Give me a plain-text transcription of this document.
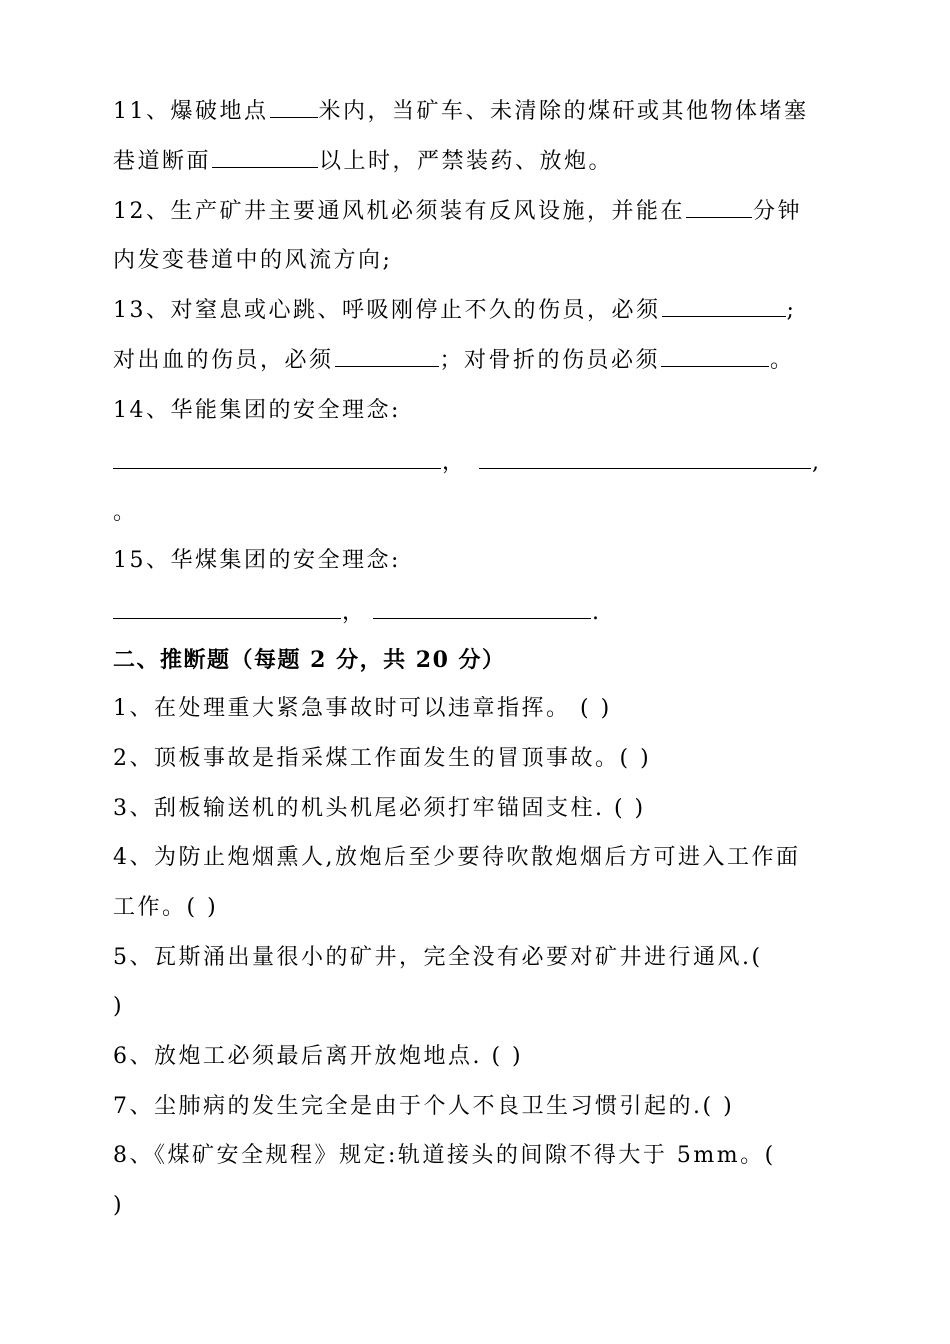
11、爆破地点 米内，当矿车、未清除的煤矸或其他物体堵塞
巷道断面	以上时，严禁装药、放炮。
12、生产矿井主要通风机必须装有反风设施，并能在	分钟
内发变巷道中的风流方向;
13、对窒息或心跳、呼吸刚停止不久的伤员，必须	;
对出血的伤员，必须	；对骨折的伤员必须	。
14、华能集团的安全理念:
，	,
。
15、华煤集团的安全理念:
，	.
二、推断题（每题 2 分，共 20 分）
1、在处理重大紧急事故时可以违章指挥。 ( )
2、顶板事故是指采煤工作面发生的冒顶事故。( )
3、刮板输送机的机头机尾必须打牢锚固支柱. ( )
4、为防止炮烟熏人,放炮后至少要待吹散炮烟后方可进入工作面
工作。( )
5、瓦斯涌出量很小的矿井，完全没有必要对矿井进行通风.(
)
6、放炮工必须最后离开放炮地点. ( )
7、尘肺病的发生完全是由于个人不良卫生习惯引起的.( )
8、《煤矿安全规程》规定:轨道接头的间隙不得大于 5mm。(
)
